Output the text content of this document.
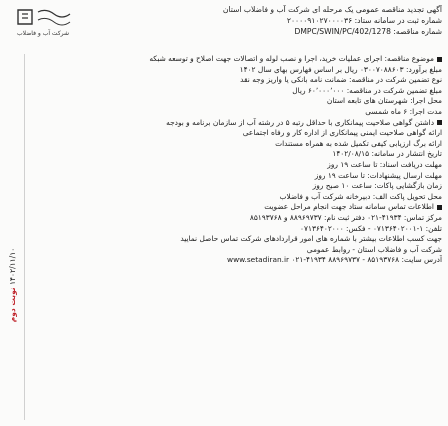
شرکت آب و فاضلاب
آگهی تجدید مناقصه عمومی یک مرحله ای شرکت آب و فاضلاب استان
شماره ثبت در سامانه ستاد: ۲۰۰۰۰۹۱۰۲۷۰۰۰۰۳۶
DMPC/SWIN/PC/402/1278 :شماره مناقصه
موضوع مناقصه: اجرای عملیات خرید، اجرا و نصب لوله و اتصالات جهت اصلاح و توسعه شبکه
مبلغ برآورد: ۰۳۰۰۷۰۸۸۶۰۳ ریال بر اساس فهارس بهای سال ۱۴۰۲
نوع تضمین شرکت در مناقصه: ضمانت نامه بانکی یا واریز وجه نقد
مبلغ تضمین شرکت در مناقصه: ۶۰٬۰۰۰٬۰۰۰ ریال
محل اجرا: شهرستان های تابعه استان
مدت اجرا: ۶ ماه شمسی
داشتن گواهی صلاحیت پیمانکاری با حداقل رتبه ۵ در رشته آب از سازمان برنامه و بودجه
ارائه گواهی صلاحیت ایمنی پیمانکاری از اداره کار و رفاه اجتماعی
ارائه برگ ارزیابی کیفی تکمیل شده به همراه مستندات
تاریخ انتشار در سامانه: ۱۴۰۲/۰۸/۱۵
مهلت دریافت اسناد: تا ساعت ۱۹ روز
مهلت ارسال پیشنهادات: تا ساعت ۱۹ روز
زمان بازگشایی پاکات: ساعت ۱۰ صبح روز
محل تحویل پاکت الف: دبیرخانه شرکت آب و فاضلاب
اطلاعات تماس سامانه ستاد جهت انجام مراحل عضویت
مرکز تماس: ۴۱۹۳۴-۰۲۱ دفتر ثبت نام: ۸۸۹۶۹۷۳۷ و ۸۵۱۹۳۷۶۸
تلفن: ۱-۰۷۱۳۶۴۰۲۰۰۱ - فکس: ۰۷۱۳۶۴۰۲۰۰۰
جهت کسب اطلاعات بیشتر با شماره های امور قراردادهای شرکت تماس حاصل نمایید
شرکت آب و فاضلاب استان - روابط عمومی
آدرس سایت: www.setadiran.ir ۰۲۱-۴۱۹۳۴ ۸۸۹۶۹۷۳۷ - ۸۵۱۹۳۷۶۸
۱۴۰۲/۱۱/۱۰ نوبت دوم
